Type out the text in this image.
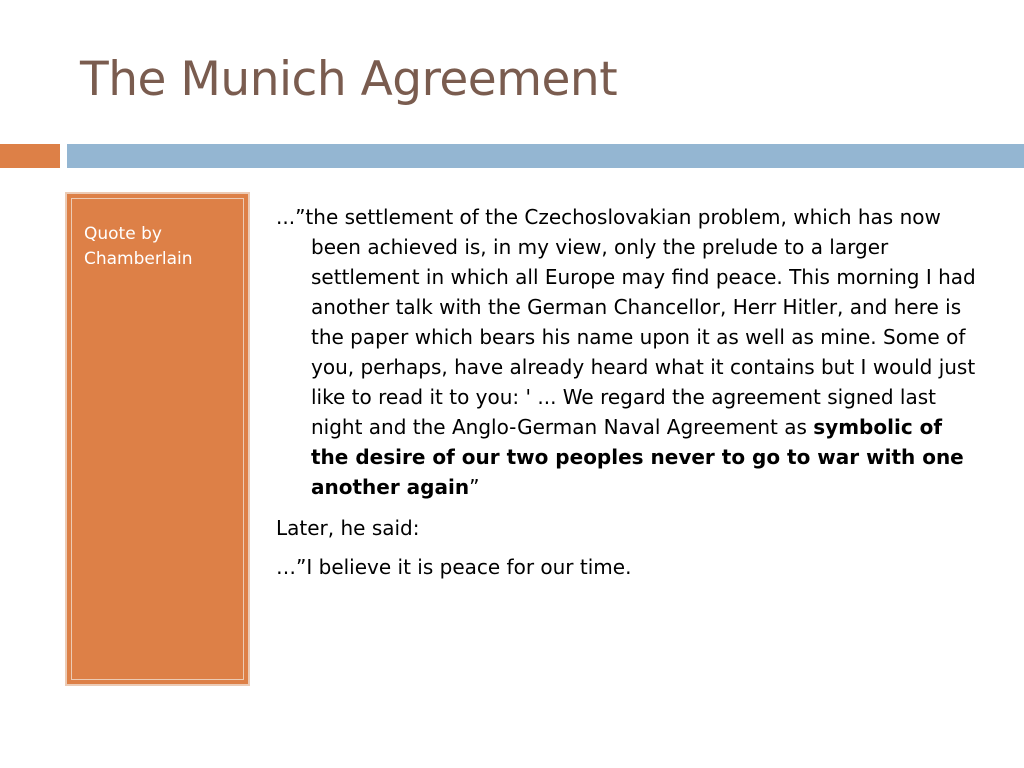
The Munich Agreement
Quote by Chamberlain

...”the settlement of the Czechoslovakian problem, which has now been achieved is, in my view, only the prelude to a larger settlement in which all Europe may find peace. This morning I had another talk with the German Chancellor, Herr Hitler, and here is the paper which bears his name upon it as well as mine. Some of you, perhaps, have already heard what it contains but I would just like to read it to you: ' ... We regard the agreement signed last night and the Anglo-German Naval Agreement as symbolic of the desire of our two peoples never to go to war with one another again”

Later, he said:

…”I believe it is peace for our time.
